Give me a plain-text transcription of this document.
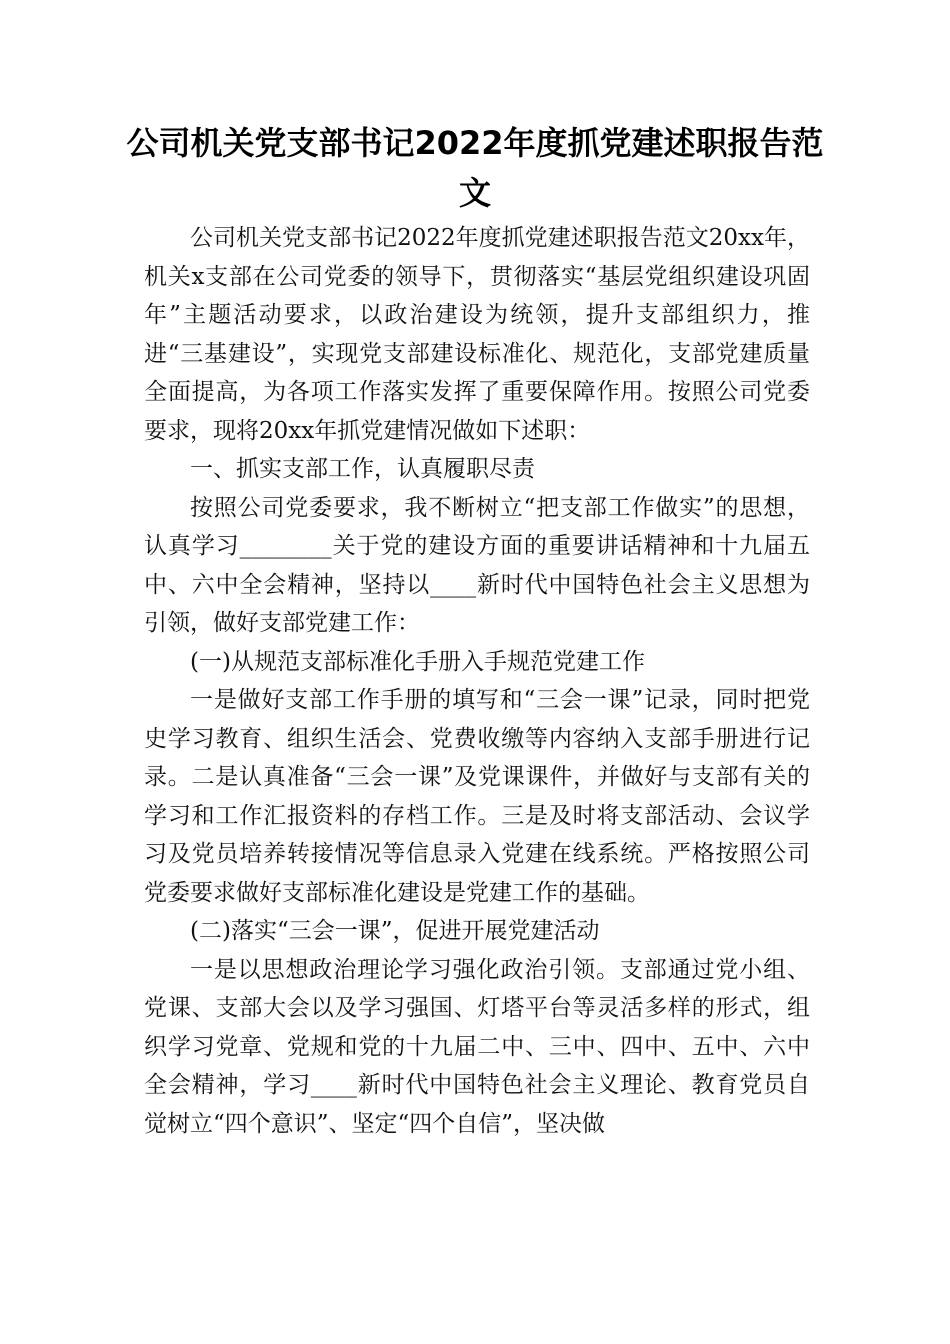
公司机关党支部书记2022年度抓党建述职报告范文

公司机关党支部书记2022年度抓党建述职报告范文20xx年，机关x支部在公司党委的领导下，贯彻落实“基层党组织建设巩固年”主题活动要求，以政治建设为统领，提升支部组织力，推进“三基建设”，实现党支部建设标准化、规范化，支部党建质量全面提高，为各项工作落实发挥了重要保障作用。按照公司党委要求，现将20xx年抓党建情况做如下述职：

一、抓实支部工作，认真履职尽责

按照公司党委要求，我不断树立“把支部工作做实”的思想，认真学习________关于党的建设方面的重要讲话精神和十九届五中、六中全会精神，坚持以____新时代中国特色社会主义思想为引领，做好支部党建工作：

(一)从规范支部标准化手册入手规范党建工作

一是做好支部工作手册的填写和“三会一课”记录，同时把党史学习教育、组织生活会、党费收缴等内容纳入支部手册进行记录。二是认真准备“三会一课”及党课课件，并做好与支部有关的学习和工作汇报资料的存档工作。三是及时将支部活动、会议学习及党员培养转接情况等信息录入党建在线系统。严格按照公司党委要求做好支部标准化建设是党建工作的基础。

(二)落实“三会一课”，促进开展党建活动

一是以思想政治理论学习强化政治引领。支部通过党小组、党课、支部大会以及学习强国、灯塔平台等灵活多样的形式，组织学习党章、党规和党的十九届二中、三中、四中、五中、六中全会精神，学习____新时代中国特色社会主义理论、教育党员自觉树立“四个意识”、坚定“四个自信”，坚决做
